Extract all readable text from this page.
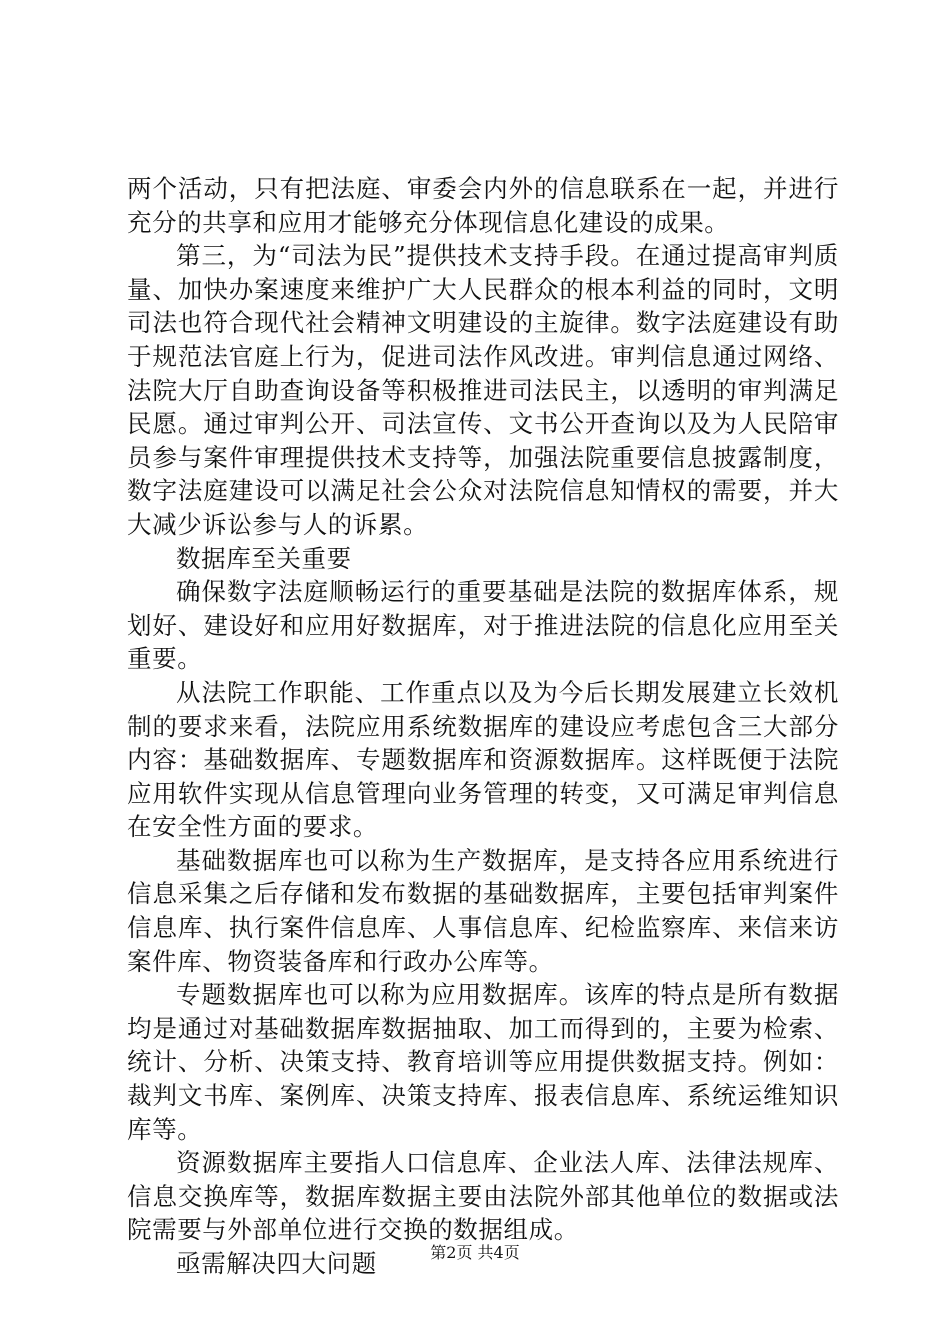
两个活动，只有把法庭、审委会内外的信息联系在一起，并进行充分的共享和应用才能够充分体现信息化建设的成果。

第三，为“司法为民”提供技术支持手段。在通过提高审判质量、加快办案速度来维护广大人民群众的根本利益的同时，文明司法也符合现代社会精神文明建设的主旋律。数字法庭建设有助于规范法官庭上行为，促进司法作风改进。审判信息通过网络、法院大厅自助查询设备等积极推进司法民主，以透明的审判满足民愿。通过审判公开、司法宣传、文书公开查询以及为人民陪审员参与案件审理提供技术支持等，加强法院重要信息披露制度，数字法庭建设可以满足社会公众对法院信息知情权的需要，并大大减少诉讼参与人的诉累。

数据库至关重要

确保数字法庭顺畅运行的重要基础是法院的数据库体系，规划好、建设好和应用好数据库，对于推进法院的信息化应用至关重要。

从法院工作职能、工作重点以及为今后长期发展建立长效机制的要求来看，法院应用系统数据库的建设应考虑包含三大部分内容：基础数据库、专题数据库和资源数据库。这样既便于法院应用软件实现从信息管理向业务管理的转变，又可满足审判信息在安全性方面的要求。

基础数据库也可以称为生产数据库，是支持各应用系统进行信息采集之后存储和发布数据的基础数据库，主要包括审判案件信息库、执行案件信息库、人事信息库、纪检监察库、来信来访案件库、物资装备库和行政办公库等。

专题数据库也可以称为应用数据库。该库的特点是所有数据均是通过对基础数据库数据抽取、加工而得到的，主要为检索、统计、分析、决策支持、教育培训等应用提供数据支持。例如：裁判文书库、案例库、决策支持库、报表信息库、系统运维知识库等。

资源数据库主要指人口信息库、企业法人库、法律法规库、信息交换库等，数据库数据主要由法院外部其他单位的数据或法院需要与外部单位进行交换的数据组成。

亟需解决四大问题	第2页 共4页
